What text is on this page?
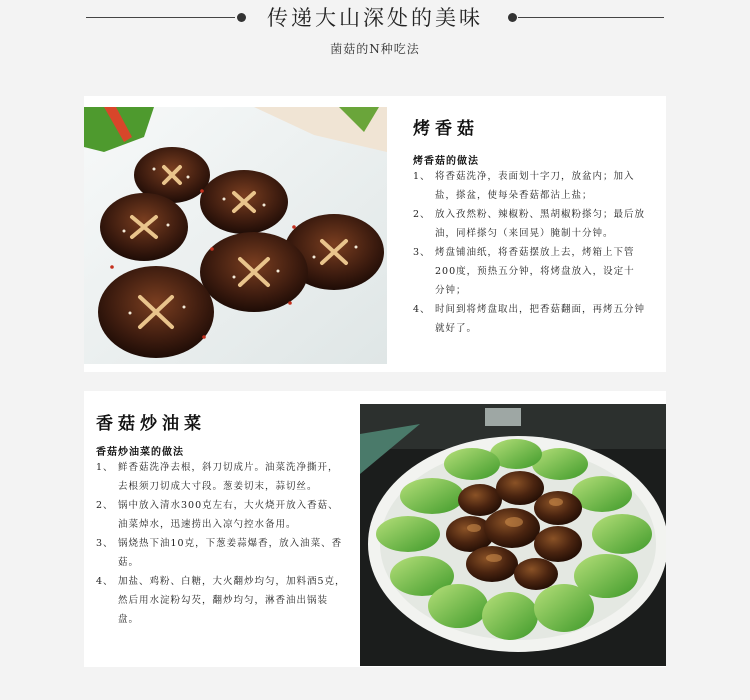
传递大山深处的美味
菌菇的N种吃法
烤香菇
烤香菇的做法
1、 将香菇洗净，表面划十字刀，放盆内；加入盐，搽盆，使每朵香菇都沾上盐；
2、 放入孜然粉、辣椒粉、黑胡椒粉搽匀；最后放油，同样搽匀（来回晃）腌制十分钟。
3、 烤盘铺油纸，将香菇摆放上去，烤箱上下管200度，预热五分钟，将烤盘放入，设定十分钟；
4、 时间到将烤盘取出，把香菇翻面，再烤五分钟就好了。
香菇炒油菜
香菇炒油菜的做法
1、 鲜香菇洗净去根，斜刀切成片。油菜洗净撕开，去根须刀切成大寸段。葱姜切末，蒜切丝。
2、 锅中放入清水300克左右，大火烧开放入香菇、油菜焯水，迅速捞出入凉勺控水备用。
3、 锅烧热下油10克，下葱姜蒜爆香，放入油菜、香菇。
4、 加盐、鸡粉、白糖，大火翻炒均匀，加料酒5克，然后用水淀粉勾芡，翻炒均匀，淋香油出锅装盘。
